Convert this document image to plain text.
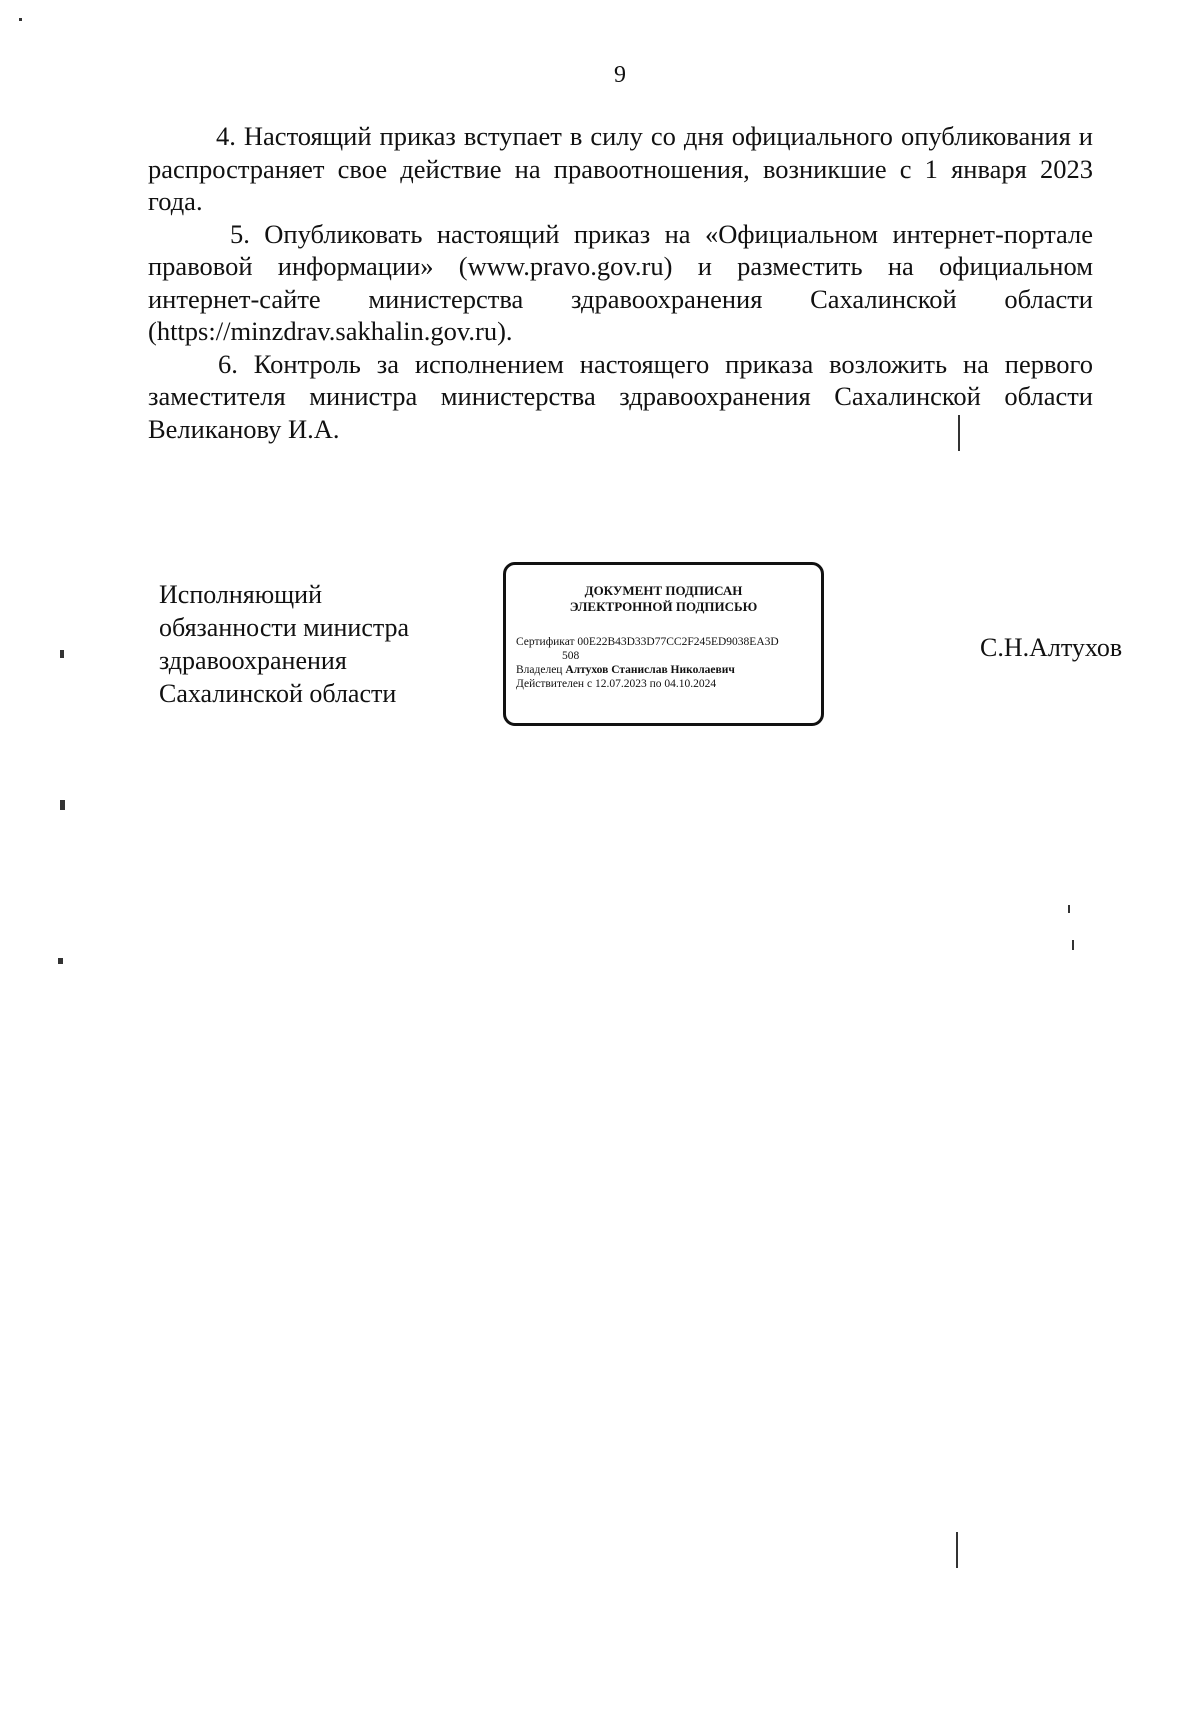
9

4. Настоящий приказ вступает в силу со дня официального опубликования и распространяет свое действие на правоотношения, возникшие с 1 января 2023 года.

5. Опубликовать настоящий приказ на «Официальном интернет-портале правовой информации» (www.pravo.gov.ru) и разместить на официальном интернет-сайте министерства здравоохранения Сахалинской области (https://minzdrav.sakhalin.gov.ru).

6. Контроль за исполнением настоящего приказа возложить на первого заместителя министра министерства здравоохранения Сахалинской области Великанову И.А.

Исполняющий
обязанности министра
здравоохранения
Сахалинской области
ДОКУМЕНТ ПОДПИСАН
ЭЛЕКТРОННОЙ ПОДПИСЬЮ
Сертификат 00E22B43D33D77CC2F245ED9038EA3D
508
Владелец Алтухов Станислав Николаевич
Действителен с 12.07.2023 по 04.10.2024
С.Н.Алтухов
